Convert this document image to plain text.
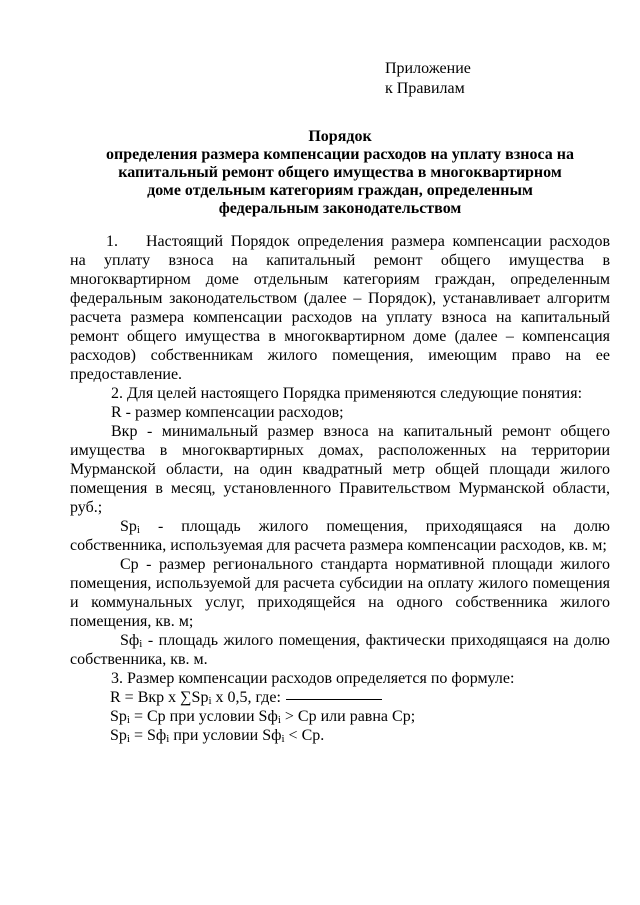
Приложение
к Правилам
Порядок
определения размера компенсации расходов на уплату взноса на
капитальный ремонт общего имущества в многоквартирном
доме отдельным категориям граждан, определенным
федеральным законодательством

1. Настоящий Порядок определения размера компенсации расходов на уплату взноса на капитальный ремонт общего имущества в многоквартирном доме отдельным категориям граждан, определенным федеральным законодательством (далее – Порядок), устанавливает алгоритм расчета размера компенсации расходов на уплату взноса на капитальный ремонт общего имущества в многоквартирном доме (далее – компенсация расходов) собственникам жилого помещения, имеющим право на ее предоставление.

2. Для целей настоящего Порядка применяются следующие понятия:

R - размер компенсации расходов;

Вкр - минимальный размер взноса на капитальный ремонт общего имущества в многоквартирных домах, расположенных на территории Мурманской области, на один квадратный метр общей площади жилого помещения в месяц, установленного Правительством Мурманской области, руб.;

$Sp_i$ - площадь жилого помещения, приходящаяся на долю собственника, используемая для расчета размера компенсации расходов, кв. м;

Ср - размер регионального стандарта нормативной площади жилого помещения, используемой для расчета субсидии на оплату жилого помещения и коммунальных услуг, приходящейся на одного собственника жилого помещения, кв. м;

$Sф_i$ - площадь жилого помещения, фактически приходящаяся на долю собственника, кв. м.

3. Размер компенсации расходов определяется по формуле:

R = Вкр х $\sum Sp_i$ х 0,5, где:

$Sp_i$ = Ср при условии $Sф_i$ > Ср или равна Ср;

$Sp_i = Sф_i$ при условии $Sф_i$ < Ср.
